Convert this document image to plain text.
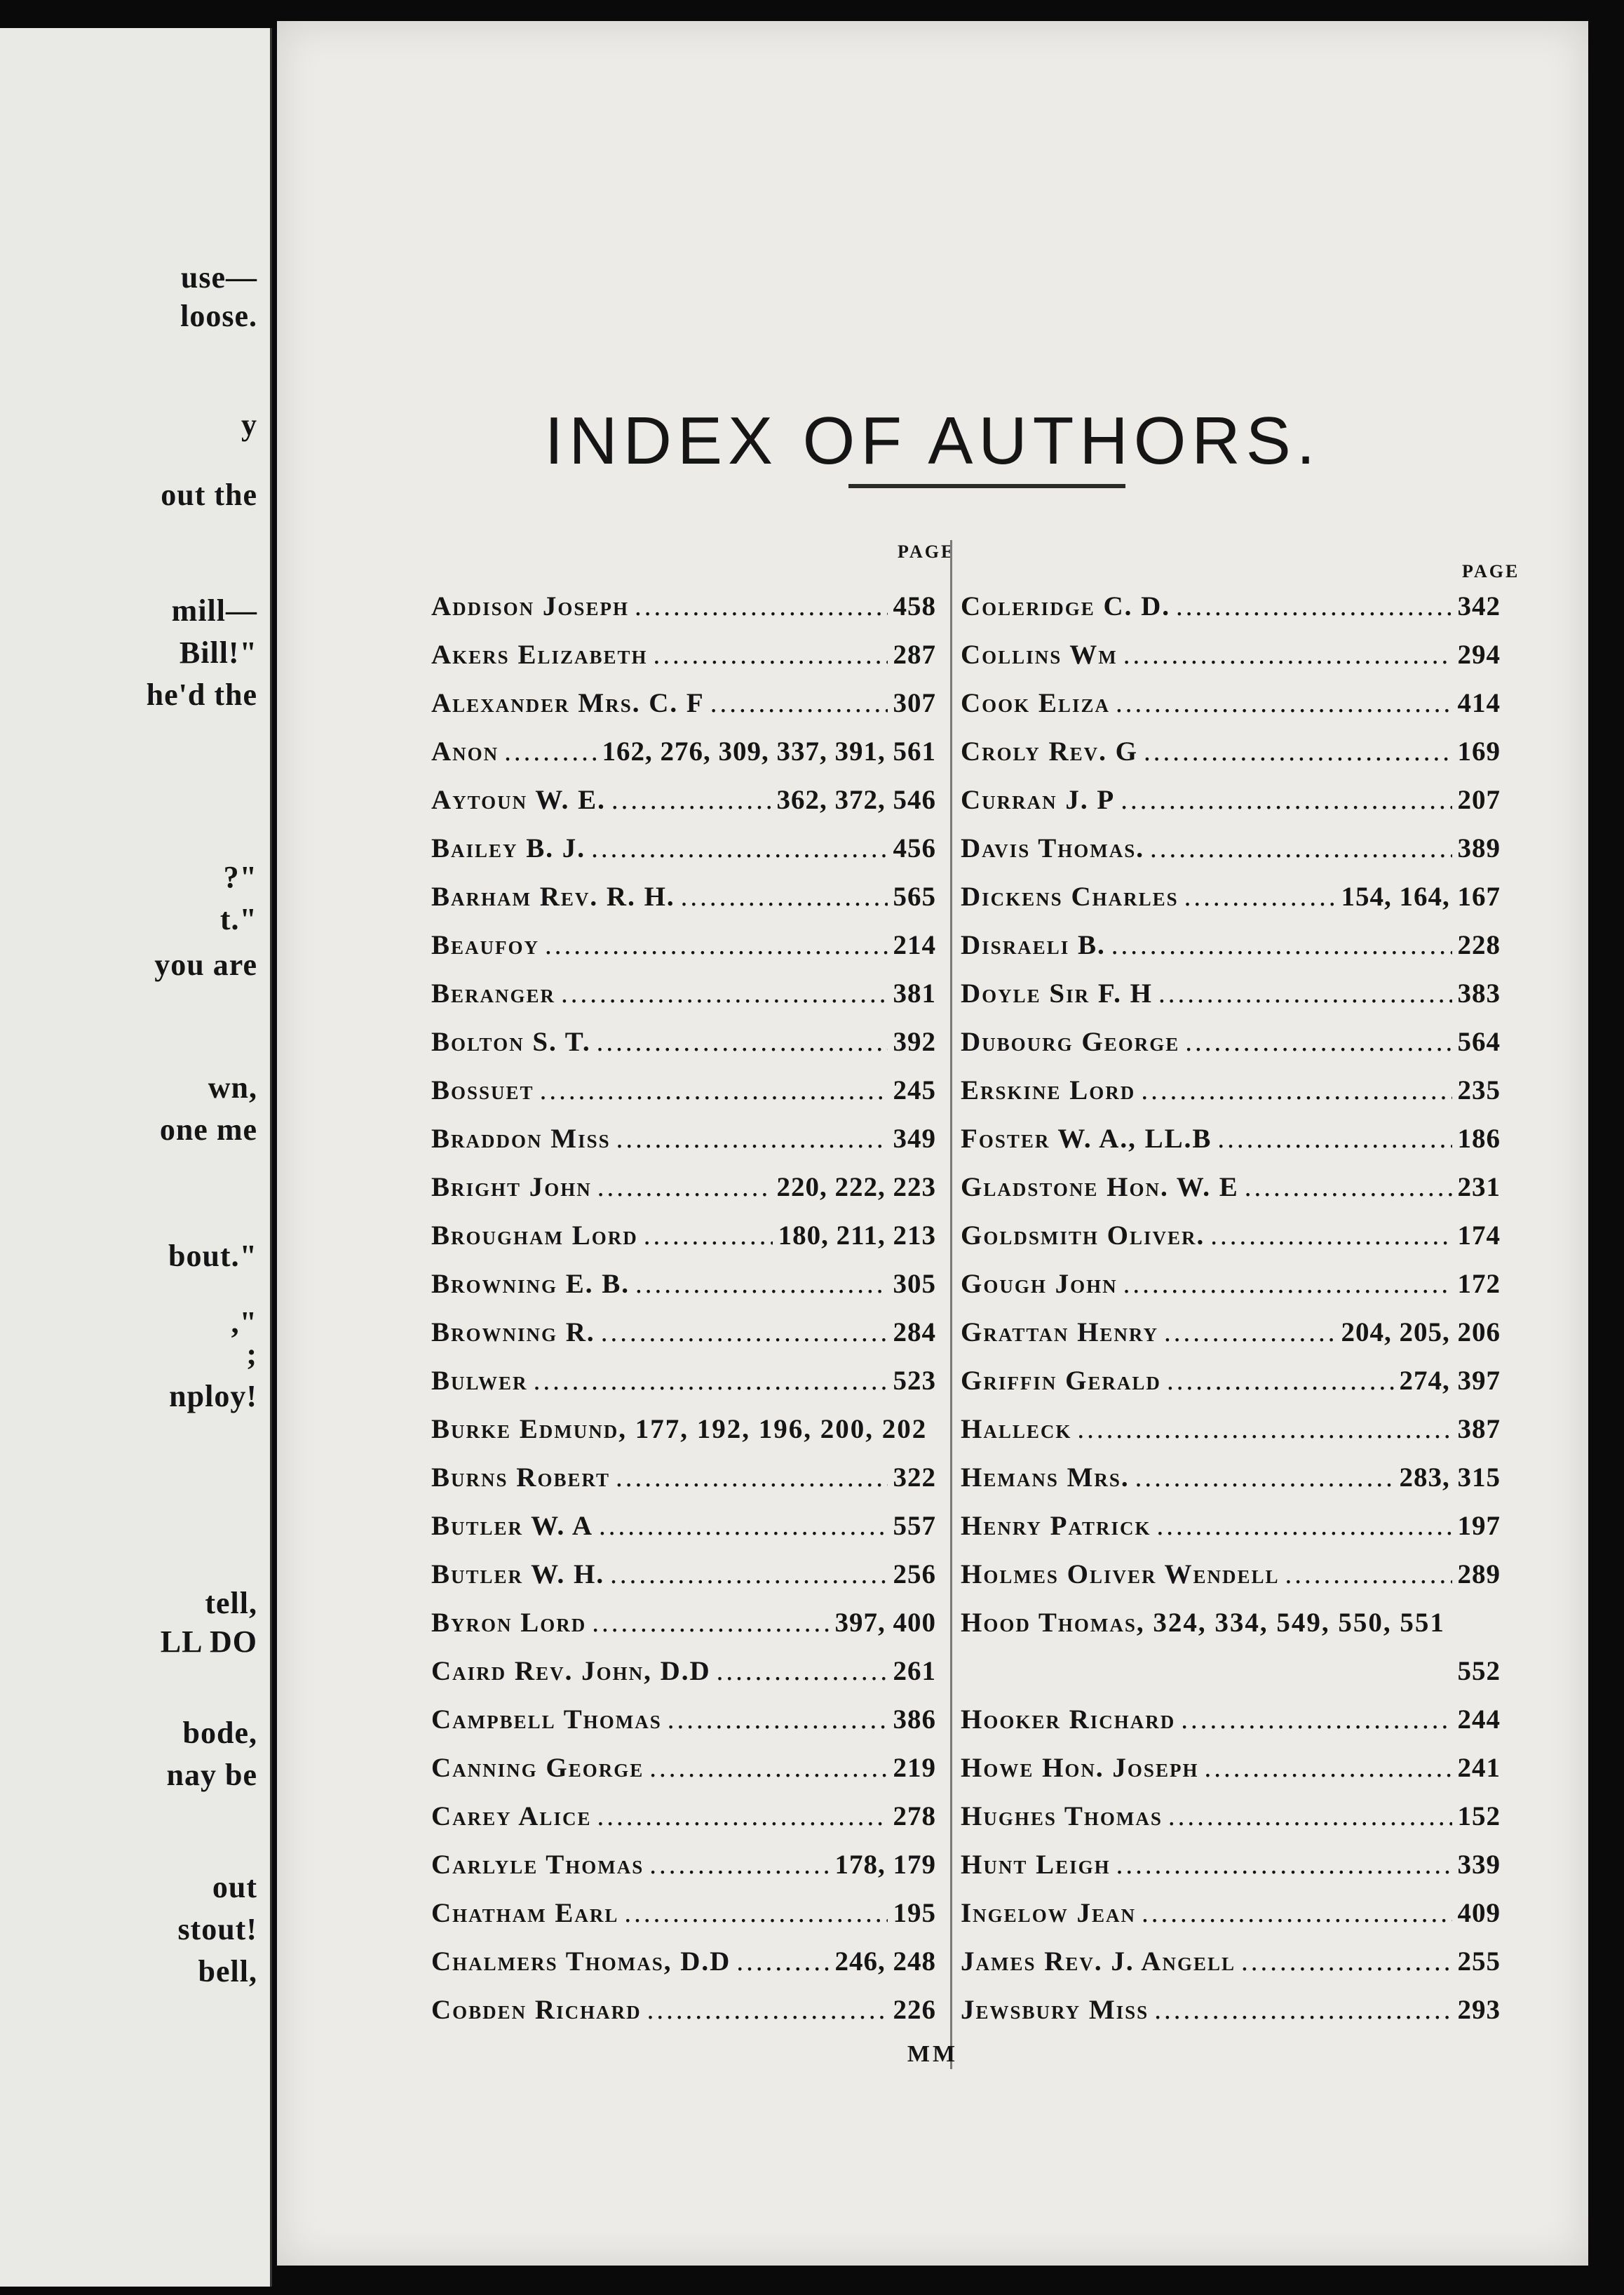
use—
loose.
y
out the
mill—
Bill!"
he'd the
?"
t."
you are
wn,
one me
bout."
,"
;
nploy!
tell,
LL DO
bode,
nay be
out
stout!
bell,
INDEX OF AUTHORS.
PAGE
PAGE
Addison Joseph .....	458
Akers Elizabeth .....	287
Alexander Mrs. C. F .....	307
Anon .....	162, 276, 309, 337, 391, 561
Aytoun W. E. .....	362, 372, 546
Bailey B. J. .....	456
Barham Rev. R. H. .....	565
Beaufoy .....	214
Beranger .....	381
Bolton S. T. .....	392
Bossuet .....	245
Braddon Miss .....	349
Bright John .....	220, 222, 223
Brougham Lord .....	180, 211, 213
Browning E. B. .....	305
Browning R. .....	284
Bulwer .....	523
Burke Edmund, 177, 192, 196, 200, 202
Burns Robert .....	322
Butler W. A .....	557
Butler W. H. .....	256
Byron Lord .....	397, 400
Caird Rev. John, D.D .....	261
Campbell Thomas .....	386
Canning George .....	219
Carey Alice .....	278
Carlyle Thomas .....	178, 179
Chatham Earl .....	195
Chalmers Thomas, D.D .....	246, 248
Cobden Richard .....	226
Coleridge C. D. .....	342
Collins Wm .....	294
Cook Eliza .....	414
Croly Rev. G .....	169
Curran J. P .....	207
Davis Thomas. .....	389
Dickens Charles .....	154, 164, 167
Disraeli B. .....	228
Doyle Sir F. H .....	383
Dubourg George .....	564
Erskine Lord .....	235
Foster W. A., LL.B .....	186
Gladstone Hon. W. E .....	231
Goldsmith Oliver. .....	174
Gough John .....	172
Grattan Henry .....	204, 205, 206
Griffin Gerald .....	274, 397
Halleck .....	387
Hemans Mrs. .....	283, 315
Henry Patrick .....	197
Holmes Oliver Wendell .....	289
Hood Thomas, 324, 334, 549, 550, 551
552
Hooker Richard .....	244
Howe Hon. Joseph .....	241
Hughes Thomas .....	152
Hunt Leigh .....	339
Ingelow Jean .....	409
James Rev. J. Angell .....	255
Jewsbury Miss .....	293
MM
